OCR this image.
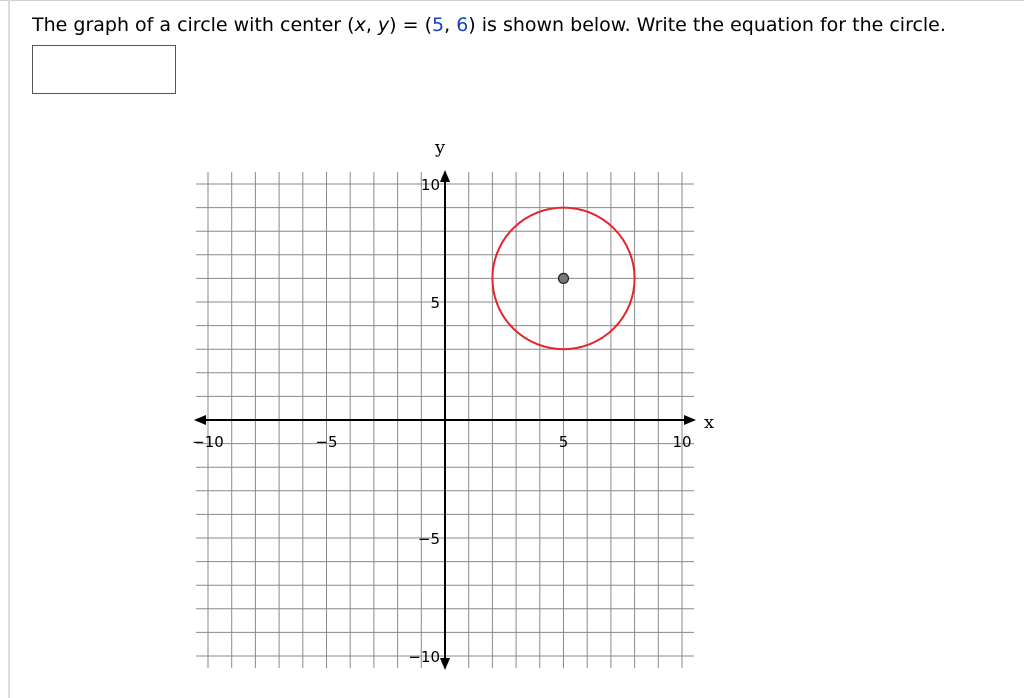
The graph of a circle with center (x, y) = (5, 6) is shown below. Write the equation for the circle.
−10	−5	5	10
10
5
−5
−10
x
y
